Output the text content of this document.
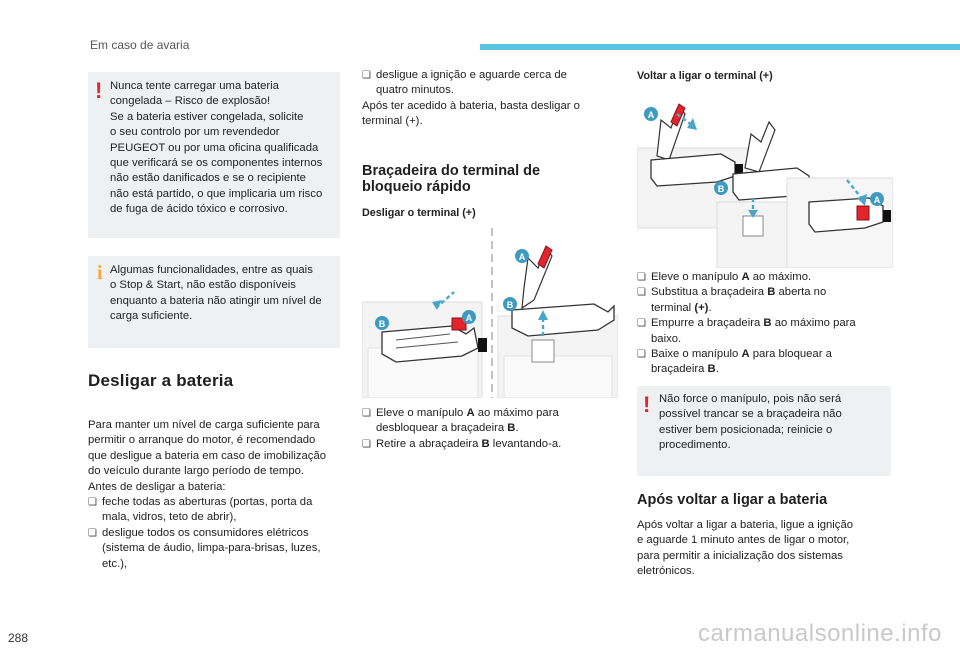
Em caso de avaria
! Nunca tente carregar uma bateria
congelada – Risco de explosão!
Se a bateria estiver congelada, solicite
o seu controlo por um revendedor
PEUGEOT ou por uma oficina qualificada
que verificará se os componentes internos
não estão danificados e se o recipiente
não está partido, o que implicaria um risco
de fuga de ácido tóxico e corrosivo.
i Algumas funcionalidades, entre as quais
o Stop & Start, não estão disponíveis
enquanto a bateria não atingir um nível de
carga suficiente.
Desligar a bateria
Para manter um nível de carga suficiente para
permitir o arranque do motor, é recomendado
que desligue a bateria em caso de imobilização
do veículo durante largo período de tempo.
Antes de desligar a bateria:
❏ feche todas as aberturas (portas, porta da
mala, vidros, teto de abrir),
❏ desligue todos os consumidores elétricos
(sistema de áudio, limpa-para-brisas, luzes,
etc.),
❏ desligue a ignição e aguarde cerca de
quatro minutos.
Após ter acedido à bateria, basta desligar o
terminal (+).
Braçadeira do terminal de
bloqueio rápido
Desligar o terminal (+)
A
B
A
B
❏ Eleve o manípulo A ao máximo para
desbloquear a braçadeira B.
❏ Retire a abraçadeira B levantando-a.
Voltar a ligar o terminal (+)
A
B
A
❏ Eleve o manípulo A ao máximo.
❏ Substitua a braçadeira B aberta no
terminal (+).
❏ Empurre a braçadeira B ao máximo para
baixo.
❏ Baixe o manípulo A para bloquear a
braçadeira B.
! Não force o manípulo, pois não será
possível trancar se a braçadeira não
estiver bem posicionada; reinicie o
procedimento.
Após voltar a ligar a bateria
Após voltar a ligar a bateria, ligue a ignição
e aguarde 1 minuto antes de ligar o motor,
para permitir a inicialização dos sistemas
eletrónicos.
288	carmanualsonline.info
